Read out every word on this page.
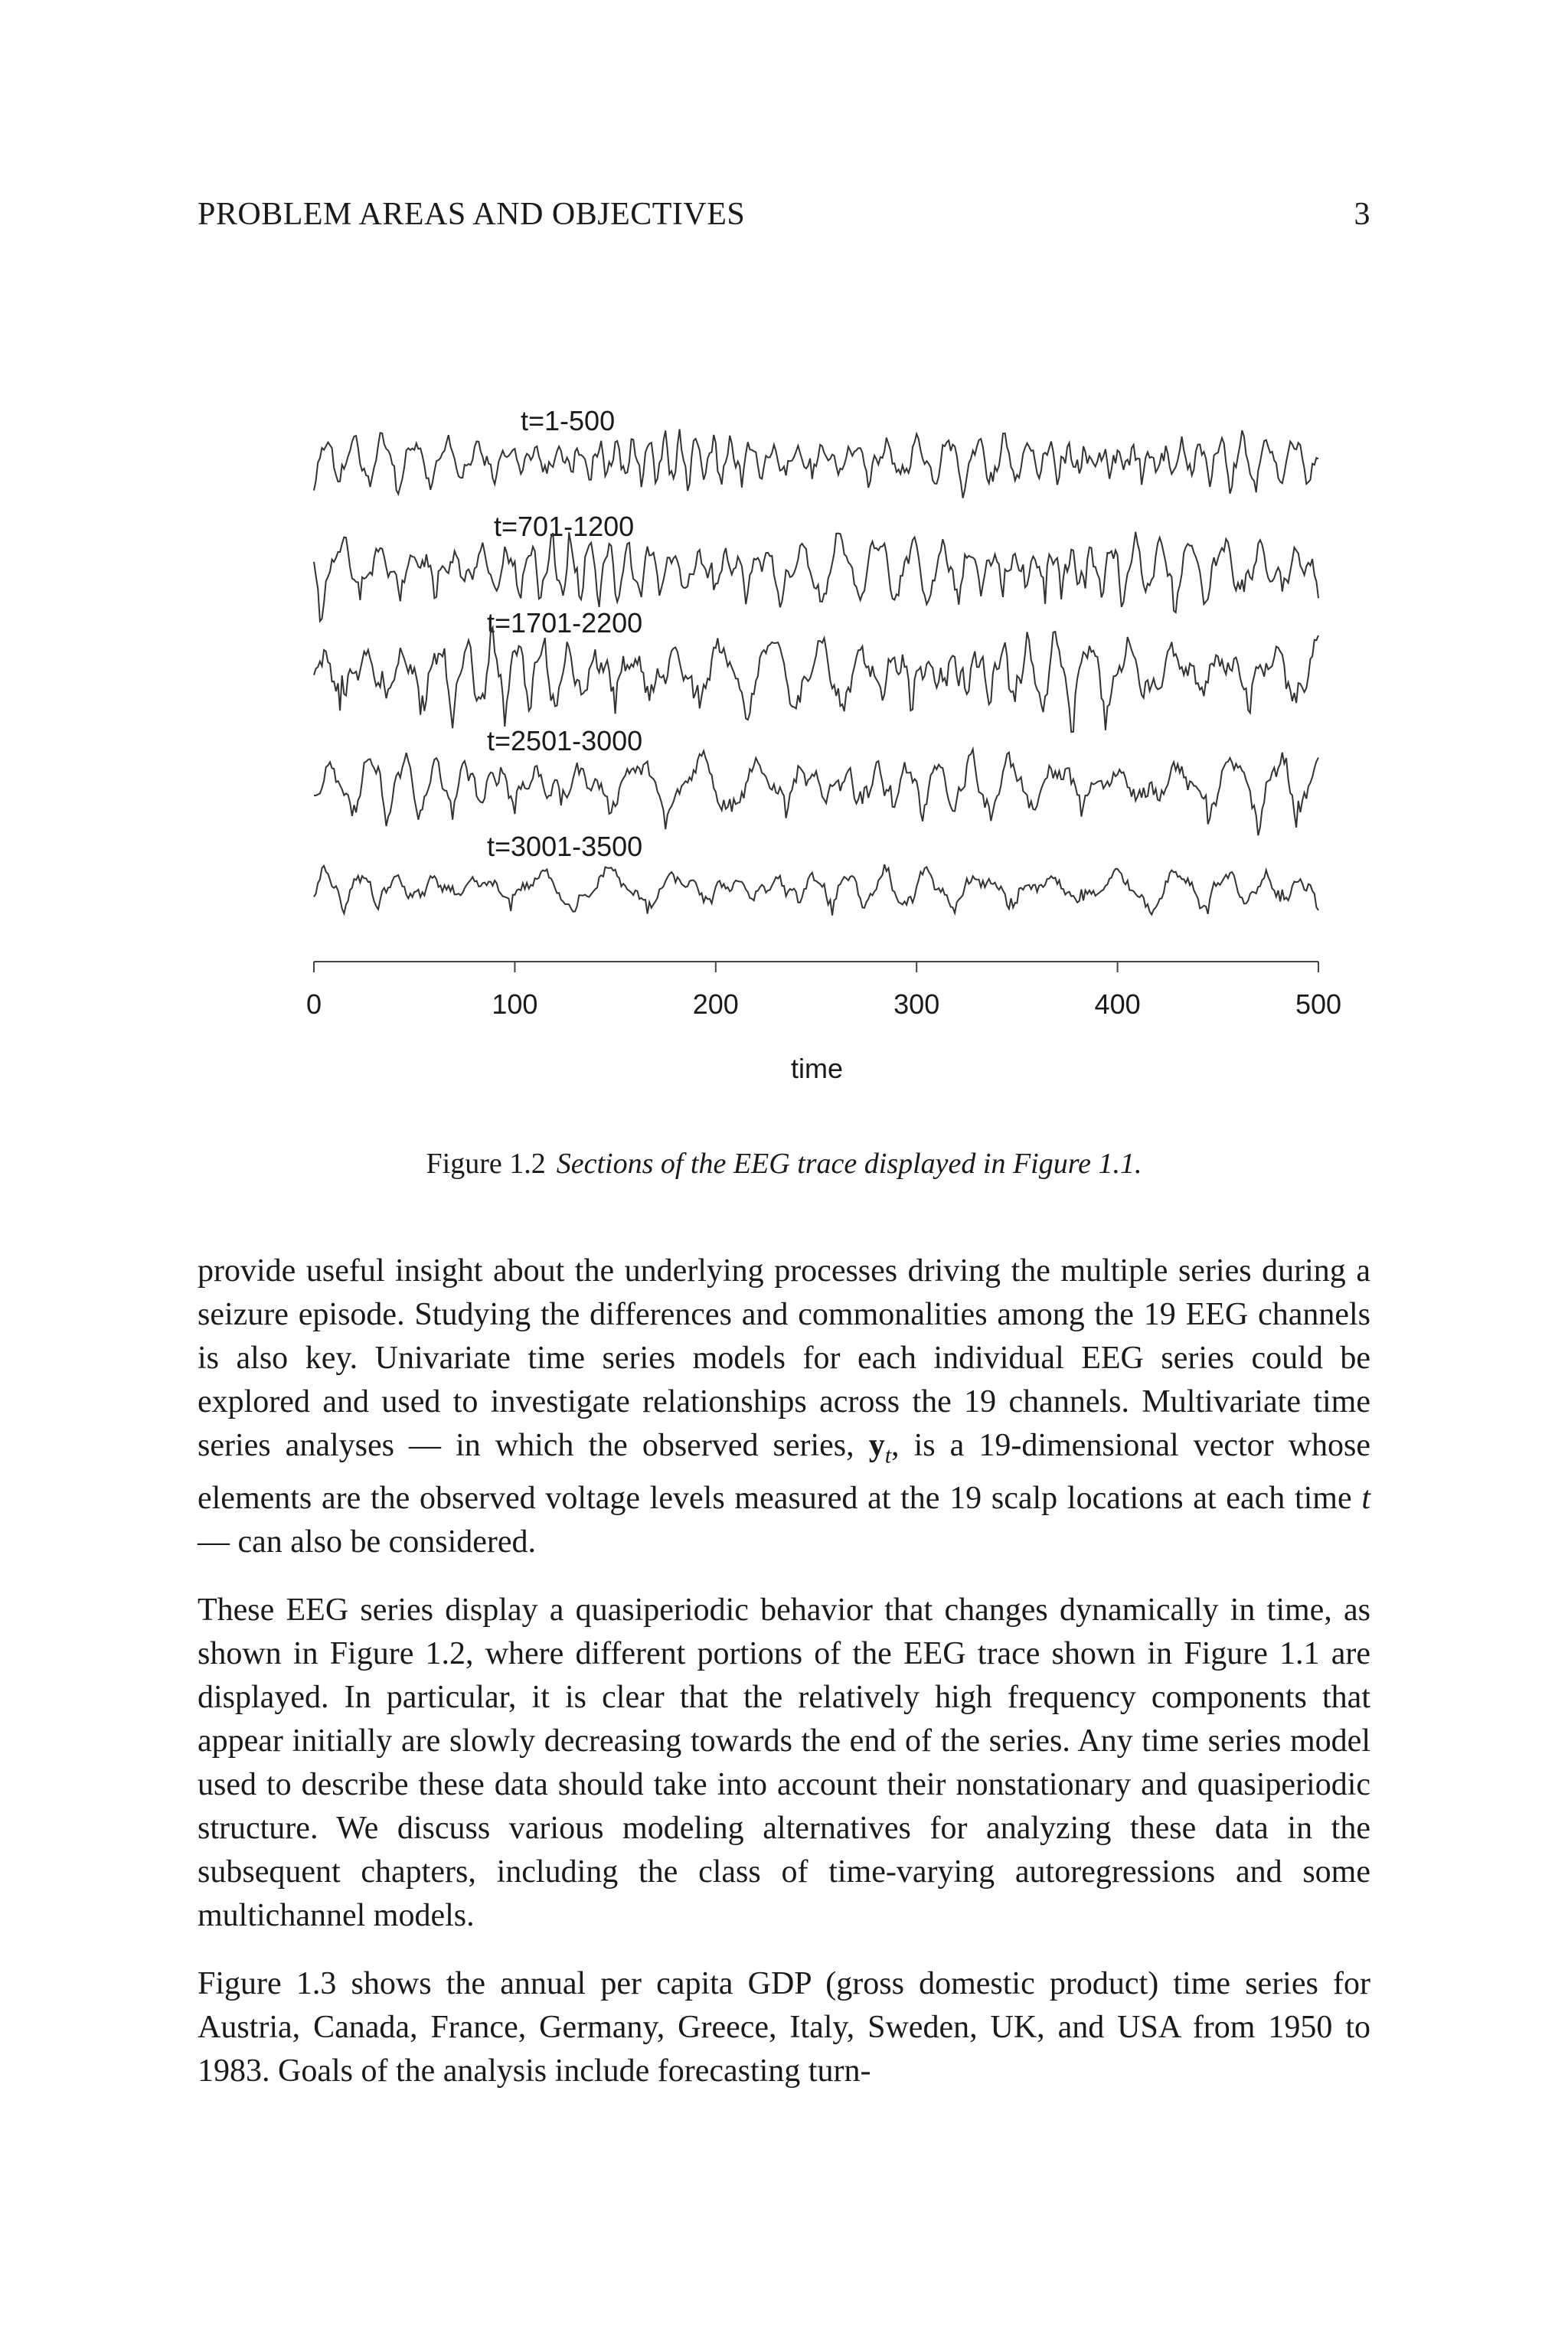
PROBLEM AREAS AND OBJECTIVES	3
t=1-500
t=701-1200
t=1701-2200
t=2501-3000
t=3001-3500
0	100	200	300	400	500
time
Figure 1.2 Sections of the EEG trace displayed in Figure 1.1.

provide useful insight about the underlying processes driving the multiple series during a seizure episode. Studying the differences and commonalities among the 19 EEG channels is also key. Univariate time series models for each individual EEG series could be explored and used to investigate relationships across the 19 channels. Multivariate time series analyses — in which the observed series, $y_t$, is a 19-dimensional vector whose elements are the observed voltage levels measured at the 19 scalp locations at each time t — can also be considered.

These EEG series display a quasiperiodic behavior that changes dynamically in time, as shown in Figure 1.2, where different portions of the EEG trace shown in Figure 1.1 are displayed. In particular, it is clear that the relatively high frequency components that appear initially are slowly decreasing towards the end of the series. Any time series model used to describe these data should take into account their nonstationary and quasiperiodic structure. We discuss various modeling alternatives for analyzing these data in the subsequent chapters, including the class of time-varying autoregressions and some multichannel models.

Figure 1.3 shows the annual per capita GDP (gross domestic product) time series for Austria, Canada, France, Germany, Greece, Italy, Sweden, UK, and USA from 1950 to 1983. Goals of the analysis include forecasting turn-
